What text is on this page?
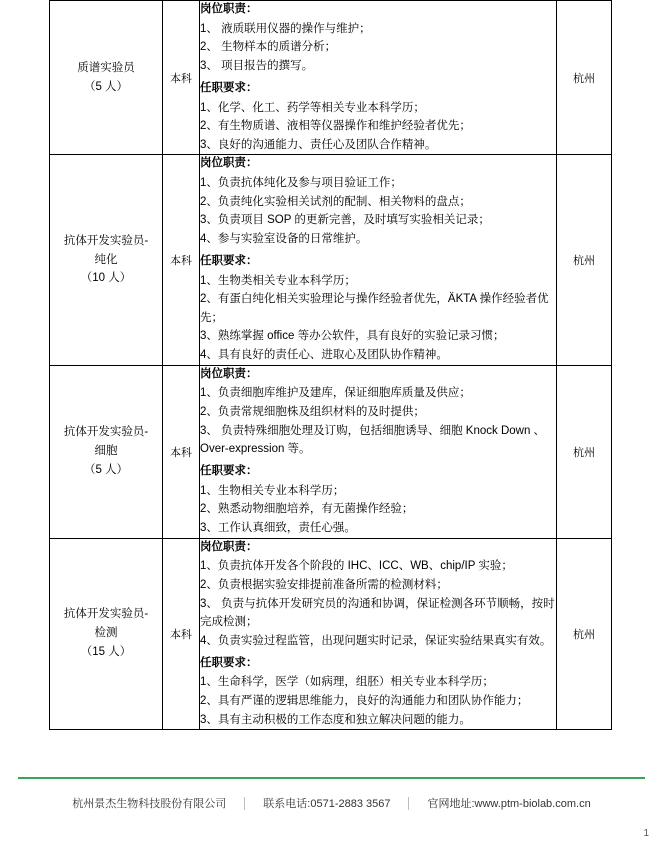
质谱实验员
（5 人）
	本科	
岗位职责：
1、 液质联用仪器的操作与维护；
2、 生物样本的质谱分析；
3、 项目报告的撰写。
任职要求：
1、化学、化工、药学等相关专业本科学历；
2、有生物质谱、液相等仪器操作和维护经验者优先；
3、良好的沟通能力、责任心及团队合作精神。
	杭州

抗体开发实验员-
纯化
（10 人）
	本科	
岗位职责：
1、负责抗体纯化及参与项目验证工作；
2、负责纯化实验相关试剂的配制、相关物料的盘点；
3、负责项目 SOP 的更新完善，及时填写实验相关记录；
4、参与实验室设备的日常维护。
任职要求：
1、生物类相关专业本科学历；
2、有蛋白纯化相关实验理论与操作经验者优先，ÄKTA 操作经验者优先；
3、熟练掌握 office 等办公软件，具有良好的实验记录习惯；
4、具有良好的责任心、进取心及团队协作精神。
	杭州

抗体开发实验员-
细胞
（5 人）
	本科	
岗位职责：
1、负责细胞库维护及建库，保证细胞库质量及供应；
2、负责常规细胞株及组织材料的及时提供；
3、 负责特殊细胞处理及订购，包括细胞诱导、细胞 Knock Down 、Over-expression 等。
任职要求：
1、生物相关专业本科学历；
2、熟悉动物细胞培养，有无菌操作经验；
3、工作认真细致，责任心强。
	杭州

抗体开发实验员-
检测
（15 人）
	本科	
岗位职责：
1、负责抗体开发各个阶段的 IHC、ICC、WB、chip/IP 实验；
2、负责根据实验安排提前准备所需的检测材料；
3、 负责与抗体开发研究员的沟通和协调，保证检测各环节顺畅，按时完成检测；
4、负责实验过程监管，出现问题实时记录，保证实验结果真实有效。
任职要求：
1、生命科学，医学（如病理，组胚）相关专业本科学历；
2、具有严谨的逻辑思维能力，良好的沟通能力和团队协作能力；
3、具有主动积极的工作态度和独立解决问题的能力。
	杭州
杭州景杰生物科技股份有限公司	联系电话:0571-2883 3567	官网地址:www.ptm-biolab.com.cn
1
